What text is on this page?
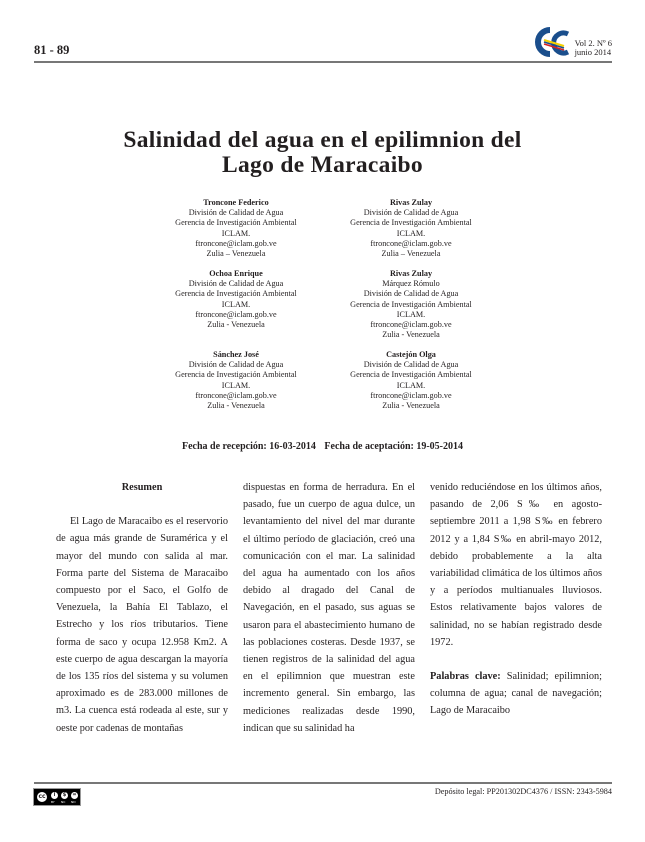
81 - 89	Vol 2. Nº 6
junio 2014
Salinidad del agua en el epilimnion del
Lago de Maracaibo
Troncone Federico
División de Calidad de Agua
Gerencia de Investigación Ambiental
ICLAM.
ftroncone@iclam.gob.ve
Zulia – Venezuela
Rivas Zulay
División de Calidad de Agua
Gerencia de Investigación Ambiental
ICLAM.
ftroncone@iclam.gob.ve
Zulia – Venezuela
Ochoa Enrique
División de Calidad de Agua
Gerencia de Investigación Ambiental
ICLAM.
ftroncone@iclam.gob.ve
Zulia - Venezuela
Rivas Zulay
Márquez Rómulo
División de Calidad de Agua
Gerencia de Investigación Ambiental
ICLAM.
ftroncone@iclam.gob.ve
Zulia - Venezuela
Sánchez José
División de Calidad de Agua
Gerencia de Investigación Ambiental
ICLAM.
ftroncone@iclam.gob.ve
Zulia - Venezuela
Castejón Olga
División de Calidad de Agua
Gerencia de Investigación Ambiental
ICLAM.
ftroncone@iclam.gob.ve
Zulia - Venezuela
Fecha de recepción: 16-03-2014 Fecha de aceptación: 19-05-2014
Resumen
El Lago de Maracaibo es el reservorio de agua más grande de Suramérica y el mayor del mundo con salida al mar. Forma parte del Sistema de Maracaibo compuesto por el Saco, el Golfo de Venezuela, la Bahía El Tablazo, el Estrecho y los ríos tributarios. Tiene forma de saco y ocupa 12.958 Km2. A este cuerpo de agua descargan la mayoría de los 135 ríos del sistema y su volumen aproximado es de 283.000 millones de m3. La cuenca está rodeada al este, sur y oeste por cadenas de montañas
dispuestas en forma de herradura. En el pasado, fue un cuerpo de agua dulce, un levantamiento del nivel del mar durante el último período de glaciación, creó una comunicación con el mar. La salinidad del agua ha aumentado con los años debido al dragado del Canal de Navegación, en el pasado, sus aguas se usaron para el abastecimiento humano de las poblaciones costeras. Desde 1937, se tienen registros de la salinidad del agua en el epilimnion que muestran este incremento general. Sin embargo, las mediciones realizadas desde 1990, indican que su salinidad ha
venido reduciéndose en los últimos años, pasando de 2,06 S‰ en agosto-septiembre 2011 a 1,98 S‰ en febrero 2012 y a 1,84 S‰ en abril-mayo 2012, debido probablemente a la alta variabilidad climática de los últimos años y a períodos multianuales lluviosos. Estos relativamente bajos valores de salinidad, no se habían registrado desde 1972.
Palabras clave: Salinidad; epilimnion; columna de agua; canal de navegación; Lago de Maracaibo
cc	i	$	=
BY NC ND
Depósito legal: PP201302DC4376 / ISSN: 2343-5984
